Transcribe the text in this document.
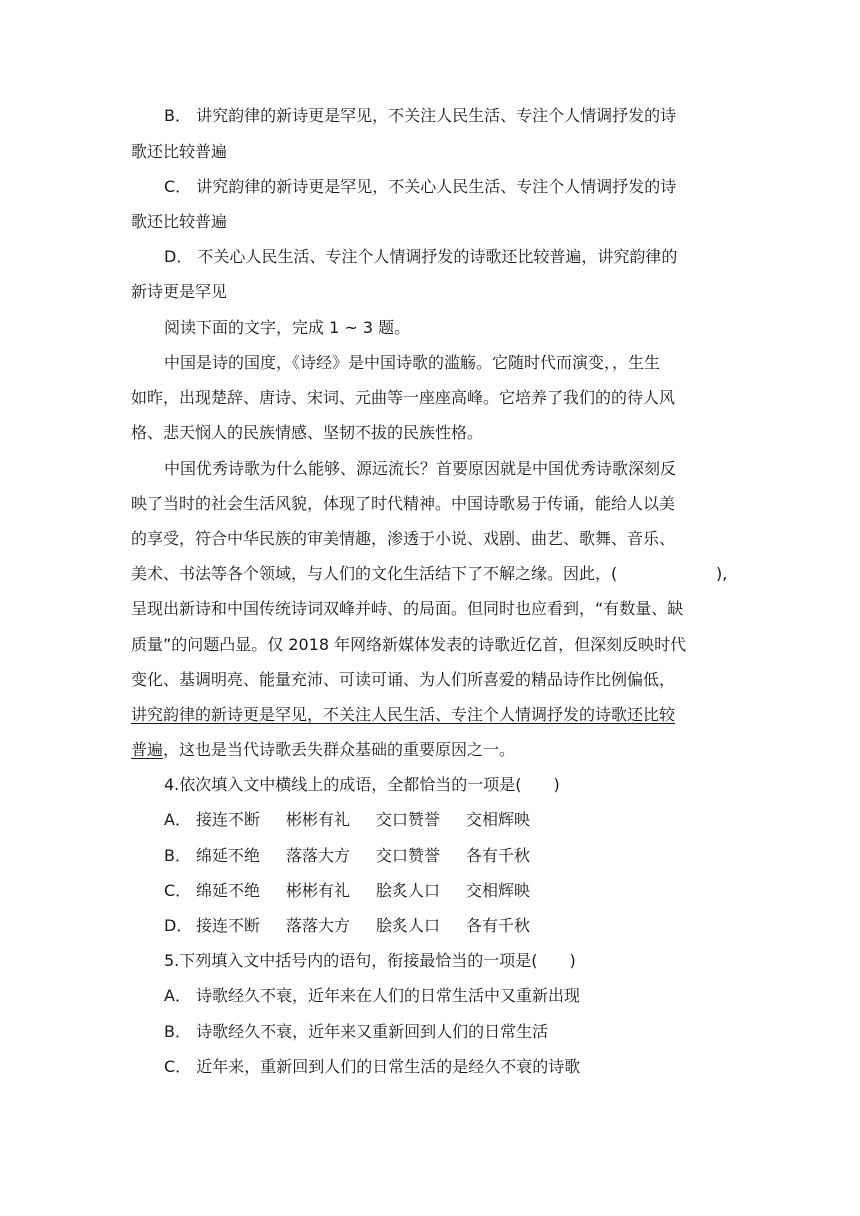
B． 讲究韵律的新诗更是罕见，不关注人民生活、专注个人情调抒发的诗
歌还比较普遍
C． 讲究韵律的新诗更是罕见，不关心人民生活、专注个人情调抒发的诗
歌还比较普遍
D． 不关心人民生活、专注个人情调抒发的诗歌还比较普遍，讲究韵律的
新诗更是罕见
阅读下面的文字，完成 1 ~ 3 题。
中国是诗的国度，《诗经》是中国诗歌的滥觞。它随时代而演变，，生生
如昨，出现楚辞、唐诗、宋词、元曲等一座座高峰。它培养了我们的的待人风
格、悲天悯人的民族情感、坚韧不拔的民族性格。
中国优秀诗歌为什么能够、源远流长？首要原因就是中国优秀诗歌深刻反
映了当时的社会生活风貌，体现了时代精神。中国诗歌易于传诵，能给人以美
的享受，符合中华民族的审美情趣，渗透于小说、戏剧、曲艺、歌舞、音乐、
美术、书法等各个领域，与人们的文化生活结下了不解之缘。因此，(	),
呈现出新诗和中国传统诗词双峰并峙、的局面。但同时也应看到，“有数量、缺
质量”的问题凸显。仅 2018 年网络新媒体发表的诗歌近亿首，但深刻反映时代
变化、基调明亮、能量充沛、可读可诵、为人们所喜爱的精品诗作比例偏低，
讲究韵律的新诗更是罕见，不关注人民生活、专注个人情调抒发的诗歌还比较
普遍，这也是当代诗歌丢失群众基础的重要原因之一。
4.依次填入文中横线上的成语，全都恰当的一项是(　　)
A． 接连不断 彬彬有礼 交口赞誉 交相辉映
B． 绵延不绝 落落大方 交口赞誉 各有千秋
C． 绵延不绝 彬彬有礼 脍炙人口 交相辉映
D． 接连不断 落落大方 脍炙人口 各有千秋
5.下列填入文中括号内的语句，衔接最恰当的一项是(　　)
A． 诗歌经久不衰，近年来在人们的日常生活中又重新出现
B． 诗歌经久不衰，近年来又重新回到人们的日常生活
C． 近年来，重新回到人们的日常生活的是经久不衰的诗歌
